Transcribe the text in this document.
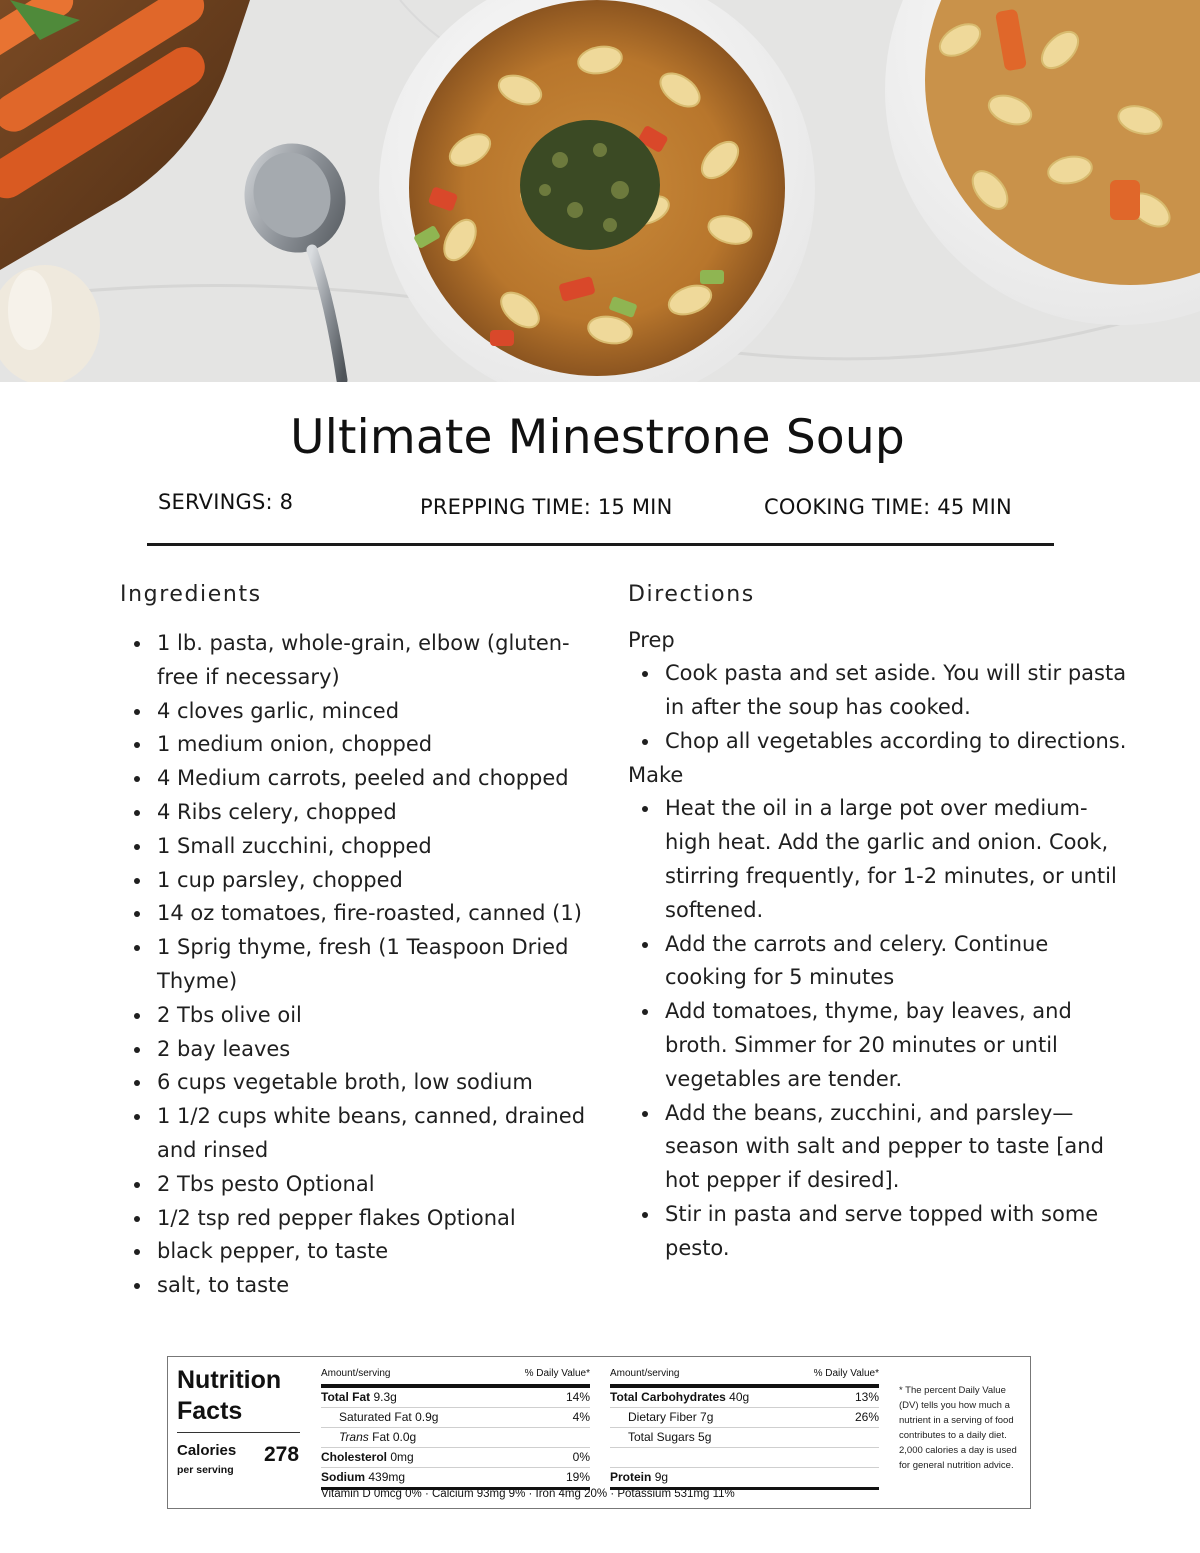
Ultimate Minestrone Soup
SERVINGS: 8	PREPPING TIME: 15 MIN	COOKING TIME: 45 MIN
Ingredients
1 lb. pasta, whole-grain, elbow (gluten-free if necessary)
4 cloves garlic, minced
1 medium onion, chopped
4 Medium carrots, peeled and chopped
4 Ribs celery, chopped
1 Small zucchini, chopped
1 cup parsley, chopped
14 oz tomatoes, fire-roasted, canned (1)
1 Sprig thyme, fresh (1 Teaspoon Dried Thyme)
2 Tbs olive oil
2 bay leaves
6 cups vegetable broth, low sodium
1 1/2 cups white beans, canned, drained and rinsed
2 Tbs pesto Optional
1/2 tsp red pepper flakes Optional
black pepper, to taste
salt, to taste
Directions
Prep
Cook pasta and set aside. You will stir pasta in after the soup has cooked.
Chop all vegetables according to directions.
Make
Heat the oil in a large pot over medium-high heat. Add the garlic and onion. Cook, stirring frequently, for 1-2 minutes, or until softened.
Add the carrots and celery. Continue cooking for 5 minutes
Add tomatoes, thyme, bay leaves, and broth. Simmer for 20 minutes or until vegetables are tender.
Add the beans, zucchini, and parsley—season with salt and pepper to taste [and hot pepper if desired].
Stir in pasta and serve topped with some pesto.
Nutrition
Facts
Calories
per serving
278
Amount/serving	% Daily Value*
Total Fat 9.3g	14%
Saturated Fat 0.9g	4%
Trans Fat 0.0g
Cholesterol 0mg	0%
Sodium 439mg	19%
Amount/serving	% Daily Value*
Total Carbohydrates 40g	13%
Dietary Fiber 7g	26%
Total Sugars 5g
Protein 9g
Vitamin D 0mcg 0% · Calcium 93mg 9% · Iron 4mg 20% · Potassium 531mg 11%
* The percent Daily Value (DV) tells you how much a nutrient in a serving of food contributes to a daily diet. 2,000 calories a day is used for general nutrition advice.
